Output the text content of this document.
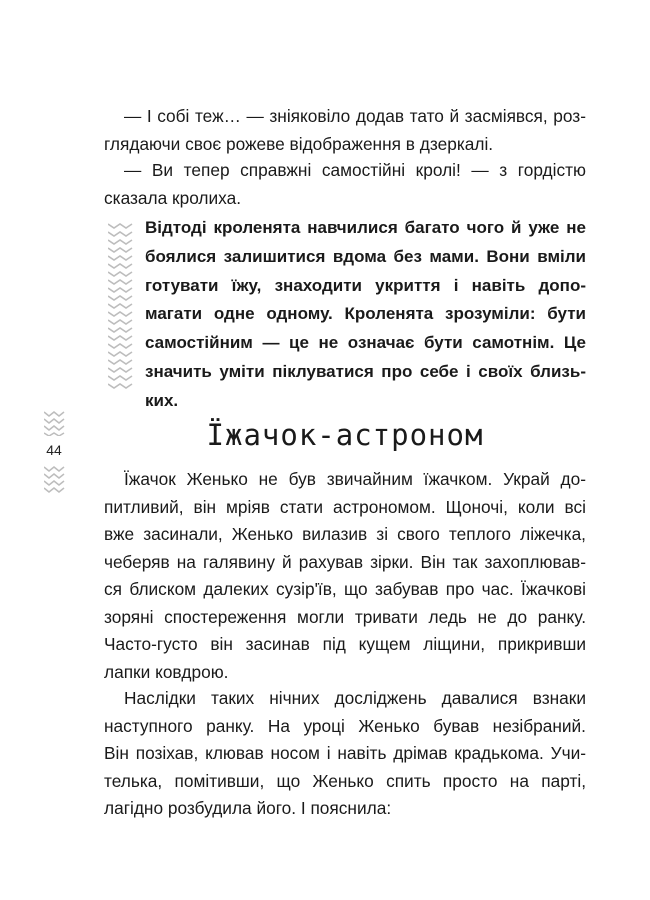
— І собі теж… — зніяковіло додав тато й засміявся, роз-
глядаючи своє рожеве відображення в дзеркалі.

— Ви тепер справжні самостійні кролі! — з гордістю
сказала кролиха.

Відтоді кроленята навчилися багато чого й уже не
боялися залишитися вдома без мами. Вони вміли
готувати їжу, знаходити укриття і навіть допо-
магати одне одному. Кроленята зрозуміли: бути
самостійним — це не означає бути самотнім. Це
значить уміти піклуватися про себе і своїх близь-
ких.

44	Їжачок-астроном

Їжачок Женько не був звичайним їжачком. Украй до-
питливий, він мріяв стати астрономом. Щоночі, коли всі
вже засинали, Женько вилазив зі свого теплого ліжечка,
чеберяв на галявину й рахував зірки. Він так захоплював-
ся блиском далеких сузір'їв, що забував про час. Їжачкові
зоряні спостереження могли тривати ледь не до ранку.
Часто-густо він засинав під кущем ліщини, прикривши
лапки ковдрою.

Наслідки таких нічних досліджень давалися взнаки
наступного ранку. На уроці Женько бував незібраний.
Він позіхав, клював носом і навіть дрімав крадькома. Учи-
телька, помітивши, що Женько спить просто на парті,
лагідно розбудила його. І пояснила:
